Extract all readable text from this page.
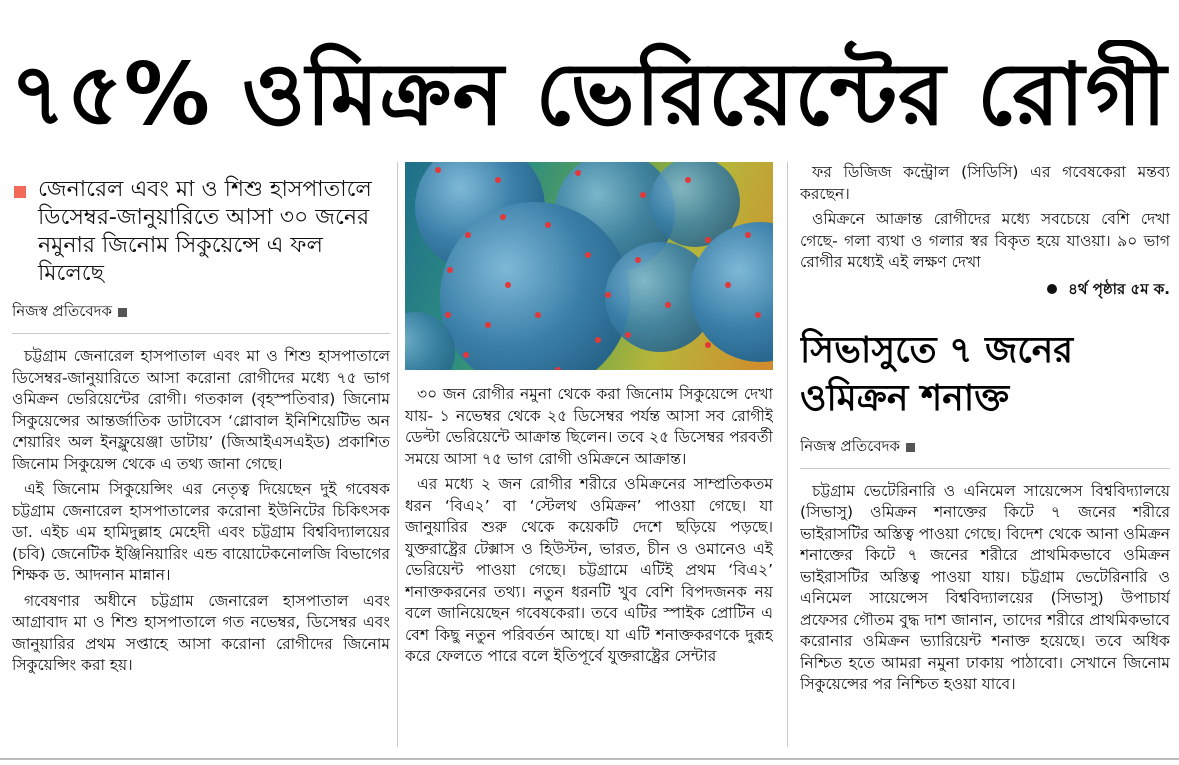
৭৫% ওমিক্রন ভেরিয়েন্টের রোগী
জেনারেল এবং মা ও শিশু হাসপাতালে ডিসেম্বর-জানুয়ারিতে আসা ৩০ জনের নমুনার জিনোম সিকুয়েন্সে এ ফল মিলেছে
নিজস্ব প্রতিবেদক

চট্টগ্রাম জেনারেল হাসপাতাল এবং মা ও শিশু হাসপাতালে ডিসেম্বর-জানুয়ারিতে আসা করোনা রোগীদের মধ্যে ৭৫ ভাগ ওমিক্রন ভেরিয়েন্টের রোগী। গতকাল (বৃহস্পতিবার) জিনোম সিকুয়েন্সের আন্তর্জাতিক ডাটাবেস ‘গ্লোবাল ইনিশিয়েটিভ অন শেয়ারিং অল ইনফ্লুয়েঞ্জা ডাটায়’ (জিআইএসএইড) প্রকাশিত জিনোম সিকুয়েন্স থেকে এ তথ্য জানা গেছে।

এই জিনোম সিকুয়েন্সিং এর নেতৃত্ব দিয়েছেন দুই গবেষক চট্টগ্রাম জেনারেল হাসপাতালের করোনা ইউনিটের চিকিৎসক ডা. এইচ এম হামিদুল্লাহ মেহেদী এবং চট্টগ্রাম বিশ্ববিদ্যালয়ের (চবি) জেনেটিক ইঞ্জিনিয়ারিং এন্ড বায়োটেকনোলজি বিভাগের শিক্ষক ড. আদনান মান্নান।

গবেষণার অধীনে চট্টগ্রাম জেনারেল হাসপাতাল এবং আগ্রাবাদ মা ও শিশু হাসপাতালে গত নভেম্বর, ডিসেম্বর এবং জানুয়ারির প্রথম সপ্তাহে আসা করোনা রোগীদের জিনোম সিকুয়েন্সিং করা হয়।

৩০ জন রোগীর নমুনা থেকে করা জিনোম সিকুয়েন্সে দেখা যায়- ১ নভেম্বর থেকে ২৫ ডিসেম্বর পর্যন্ত আসা সব রোগীই ডেল্টা ভেরিয়েন্টে আক্রান্ত ছিলেন। তবে ২৫ ডিসেম্বর পরবর্তী সময়ে আসা ৭৫ ভাগ রোগী ওমিক্রনে আক্রান্ত।

এর মধ্যে ২ জন রোগীর শরীরে ওমিক্রনের সাম্প্রতিকতম ধরন ‘বিএ২’ বা ‘স্টেলথ ওমিক্রন’ পাওয়া গেছে। যা জানুয়ারির শুরু থেকে কয়েকটি দেশে ছড়িয়ে পড়ছে। যুক্তরাষ্ট্রের টেক্সাস ও হিউস্টন, ভারত, চীন ও ওমানেও এই ভেরিয়েন্ট পাওয়া গেছে। চট্টগ্রামে এটিই প্রথম ‘বিএ২’ শনাক্তকরনের তথ্য। নতুন ধরনটি খুব বেশি বিপদজনক নয় বলে জানিয়েছেন গবেষকেরা। তবে এটির স্পাইক প্রোটিন এ বেশ কিছু নতুন পরিবর্তন আছে। যা এটি শনাক্তকরণকে দুরূহ করে ফেলতে পারে বলে ইতিপূর্বে যুক্তরাষ্ট্রের সেন্টার

ফর ডিজিজ কন্ট্রোল (সিডিসি) এর গবেষকেরা মন্তব্য করছেন।

ওমিক্রনে আক্রান্ত রোগীদের মধ্যে সবচেয়ে বেশি দেখা গেছে- গলা ব্যথা ও গলার স্বর বিকৃত হয়ে যাওয়া। ৯০ ভাগ রোগীর মধ্যেই এই লক্ষণ দেখা

৪র্থ পৃষ্ঠার ৫ম ক.
সিভাসুতে ৭ জনের ওমিক্রন শনাক্ত
নিজস্ব প্রতিবেদক

চট্টগ্রাম ভেটেরিনারি ও এনিমেল সায়েন্সেস বিশ্ববিদ্যালয়ে (সিভাসু) ওমিক্রন শনাক্তের কিটে ৭ জনের শরীরে ভাইরাসটির অস্তিত্ব পাওয়া গেছে। বিদেশ থেকে আনা ওমিক্রন শনাক্তের কিটে ৭ জনের শরীরে প্রাথমিকভাবে ওমিক্রন ভাইরাসটির অস্তিত্ব পাওয়া যায়। চট্টগ্রাম ভেটেরিনারি ও এনিমেল সায়েন্সেস বিশ্ববিদ্যালয়ের (সিভাসু) উপাচার্য প্রফেসর গৌতম বুদ্ধ দাশ জানান, তাদের শরীরে প্রাথমিকভাবে করোনার ওমিক্রন ভ্যারিয়েন্ট শনাক্ত হয়েছে। তবে অধিক নিশ্চিত হতে আমরা নমুনা ঢাকায় পাঠাবো। সেখানে জিনোম সিকুয়েন্সের পর নিশ্চিত হওয়া যাবে।
